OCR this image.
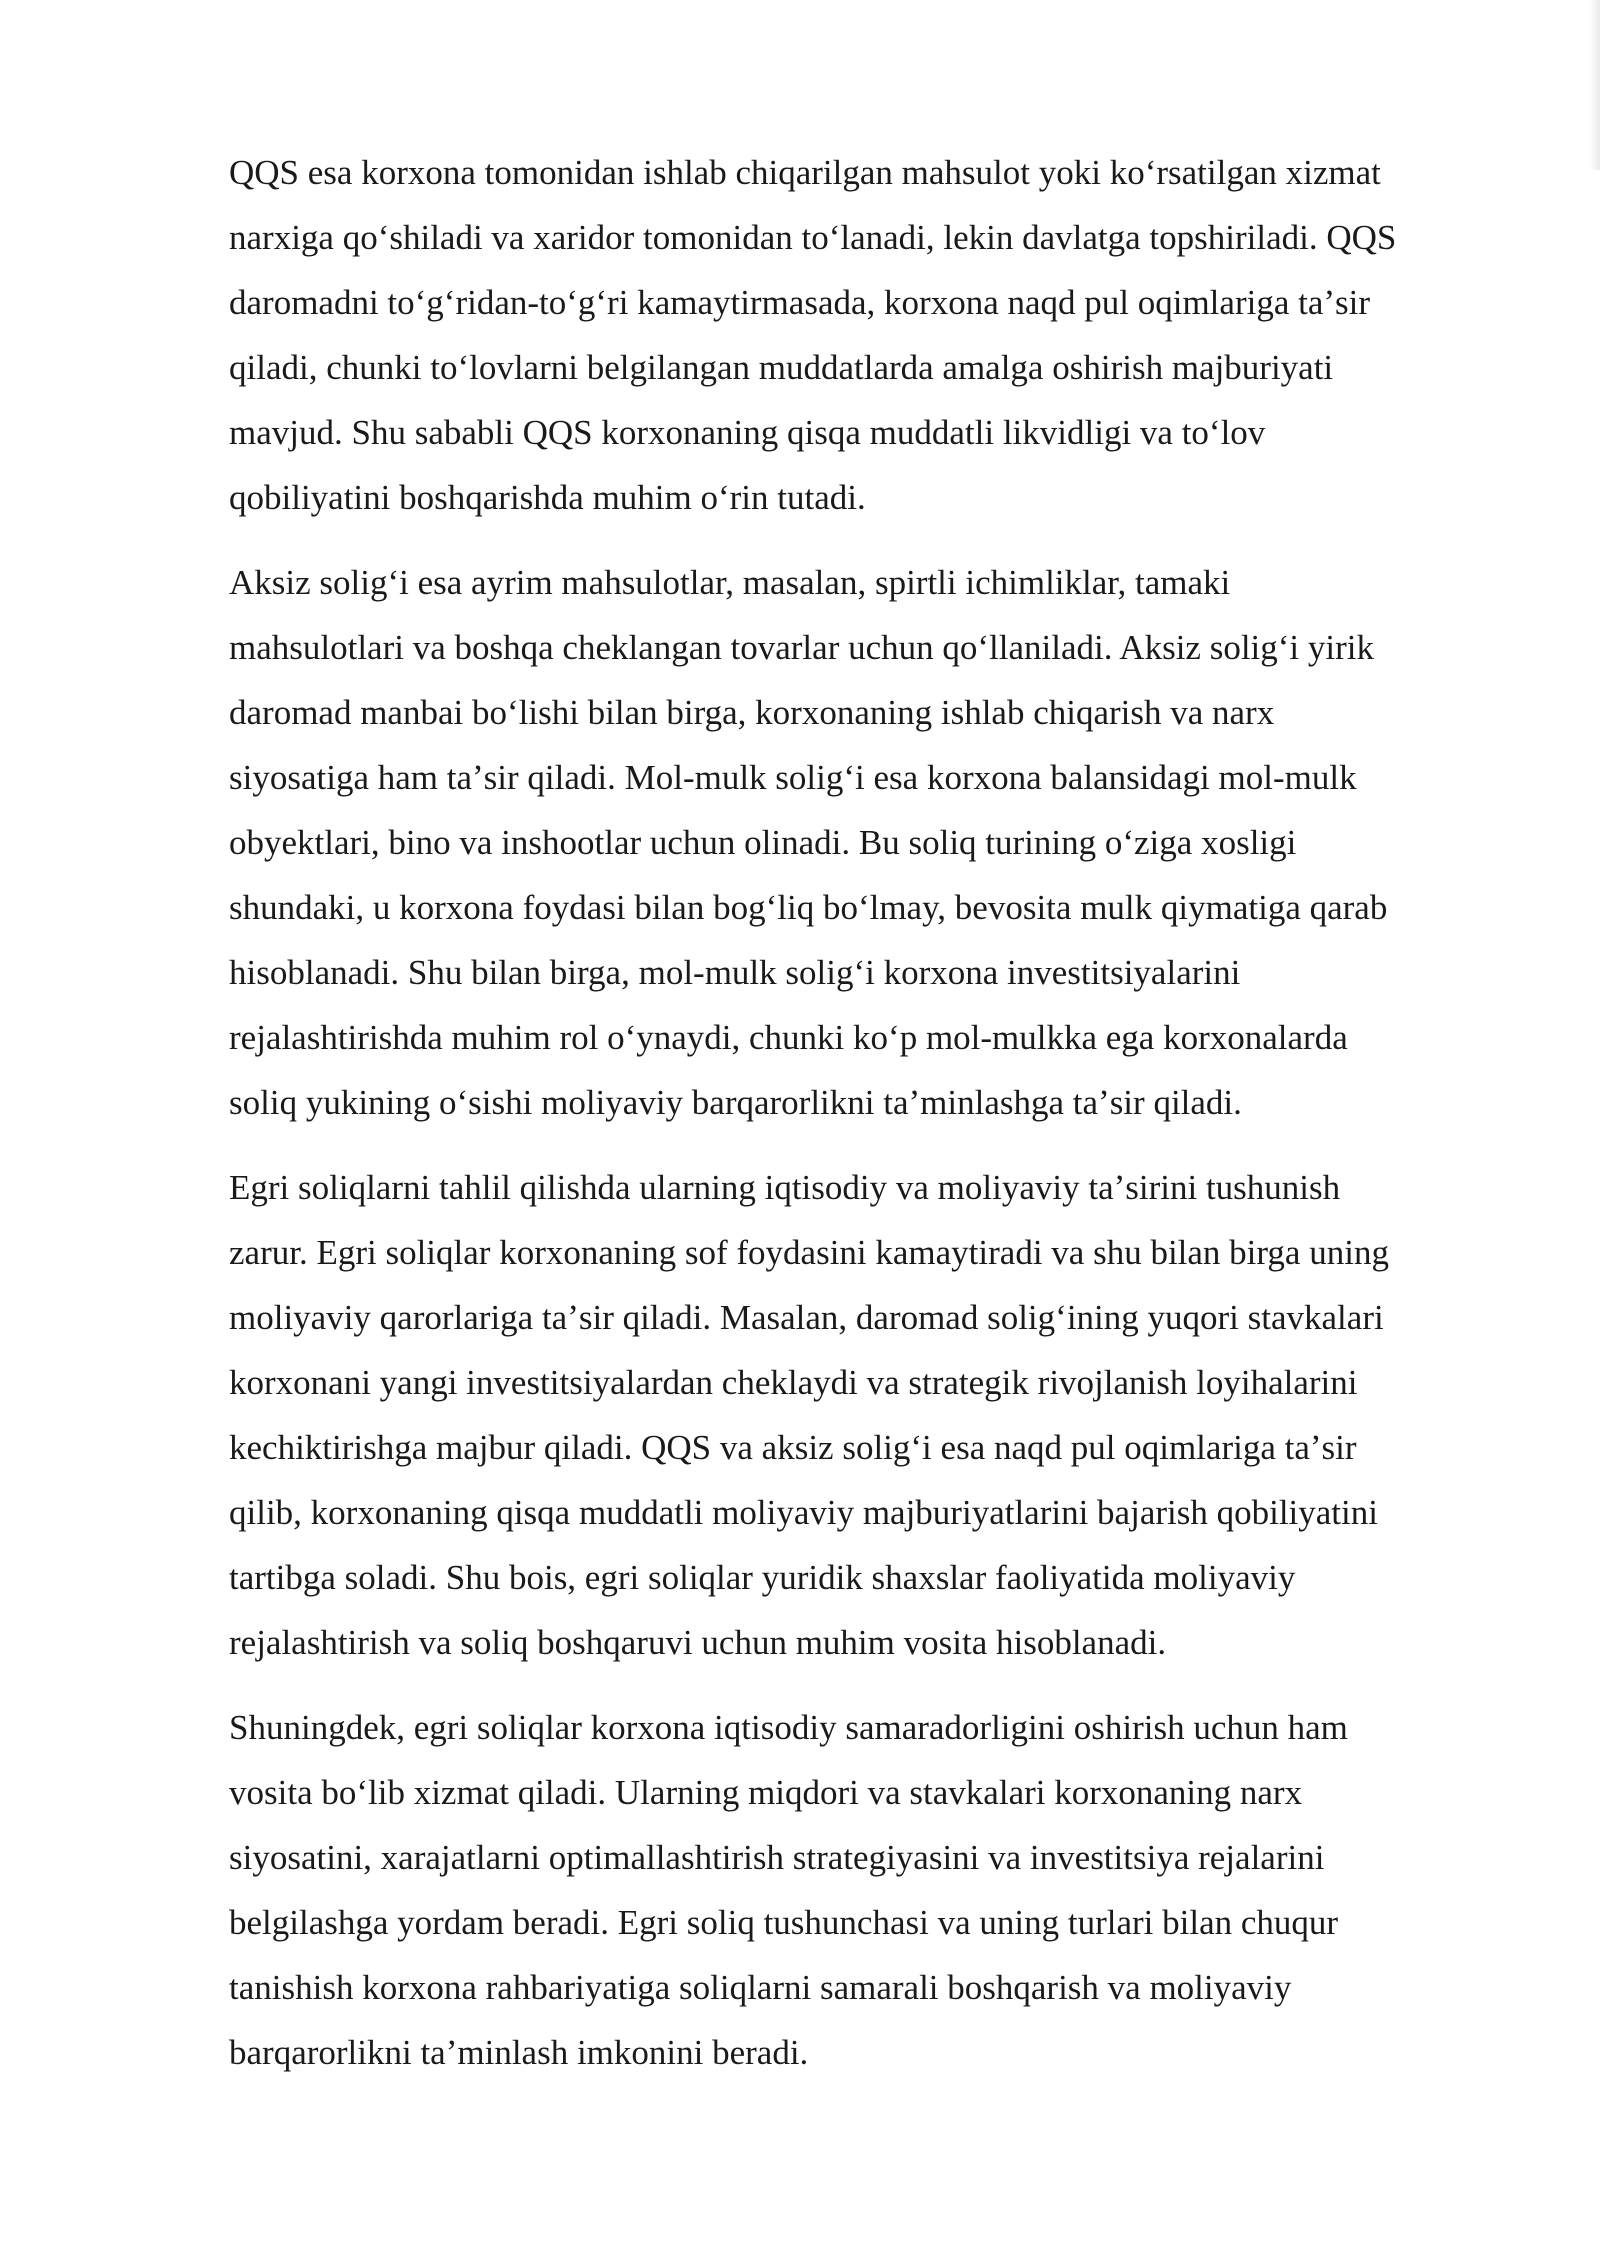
QQS esa korxona tomonidan ishlab chiqarilgan mahsulot yoki koʻrsatilgan xizmat
narxiga qoʻshiladi va xaridor tomonidan toʻlanadi, lekin davlatga topshiriladi. QQS
daromadni toʻgʻridan-toʻgʻri kamaytirmasada, korxona naqd pul oqimlariga taʼsir
qiladi, chunki toʻlovlarni belgilangan muddatlarda amalga oshirish majburiyati
mavjud. Shu sababli QQS korxonaning qisqa muddatli likvidligi va toʻlov
qobiliyatini boshqarishda muhim oʻrin tutadi.

Aksiz soligʻi esa ayrim mahsulotlar, masalan, spirtli ichimliklar, tamaki
mahsulotlari va boshqa cheklangan tovarlar uchun qoʻllaniladi. Aksiz soligʻi yirik
daromad manbai boʻlishi bilan birga, korxonaning ishlab chiqarish va narx
siyosatiga ham taʼsir qiladi. Mol-mulk soligʻi esa korxona balansidagi mol-mulk
obyektlari, bino va inshootlar uchun olinadi. Bu soliq turining oʻziga xosligi
shundaki, u korxona foydasi bilan bogʻliq boʻlmay, bevosita mulk qiymatiga qarab
hisoblanadi. Shu bilan birga, mol-mulk soligʻi korxona investitsiyalarini
rejalashtirishda muhim rol oʻynaydi, chunki koʻp mol-mulkka ega korxonalarda
soliq yukining oʻsishi moliyaviy barqarorlikni taʼminlashga taʼsir qiladi.

Egri soliqlarni tahlil qilishda ularning iqtisodiy va moliyaviy taʼsirini tushunish
zarur. Egri soliqlar korxonaning sof foydasini kamaytiradi va shu bilan birga uning
moliyaviy qarorlariga taʼsir qiladi. Masalan, daromad soligʻining yuqori stavkalari
korxonani yangi investitsiyalardan cheklaydi va strategik rivojlanish loyihalarini
kechiktirishga majbur qiladi. QQS va aksiz soligʻi esa naqd pul oqimlariga taʼsir
qilib, korxonaning qisqa muddatli moliyaviy majburiyatlarini bajarish qobiliyatini
tartibga soladi. Shu bois, egri soliqlar yuridik shaxslar faoliyatida moliyaviy
rejalashtirish va soliq boshqaruvi uchun muhim vosita hisoblanadi.

Shuningdek, egri soliqlar korxona iqtisodiy samaradorligini oshirish uchun ham
vosita boʻlib xizmat qiladi. Ularning miqdori va stavkalari korxonaning narx
siyosatini, xarajatlarni optimallashtirish strategiyasini va investitsiya rejalarini
belgilashga yordam beradi. Egri soliq tushunchasi va uning turlari bilan chuqur
tanishish korxona rahbariyatiga soliqlarni samarali boshqarish va moliyaviy
barqarorlikni taʼminlash imkonini beradi.
